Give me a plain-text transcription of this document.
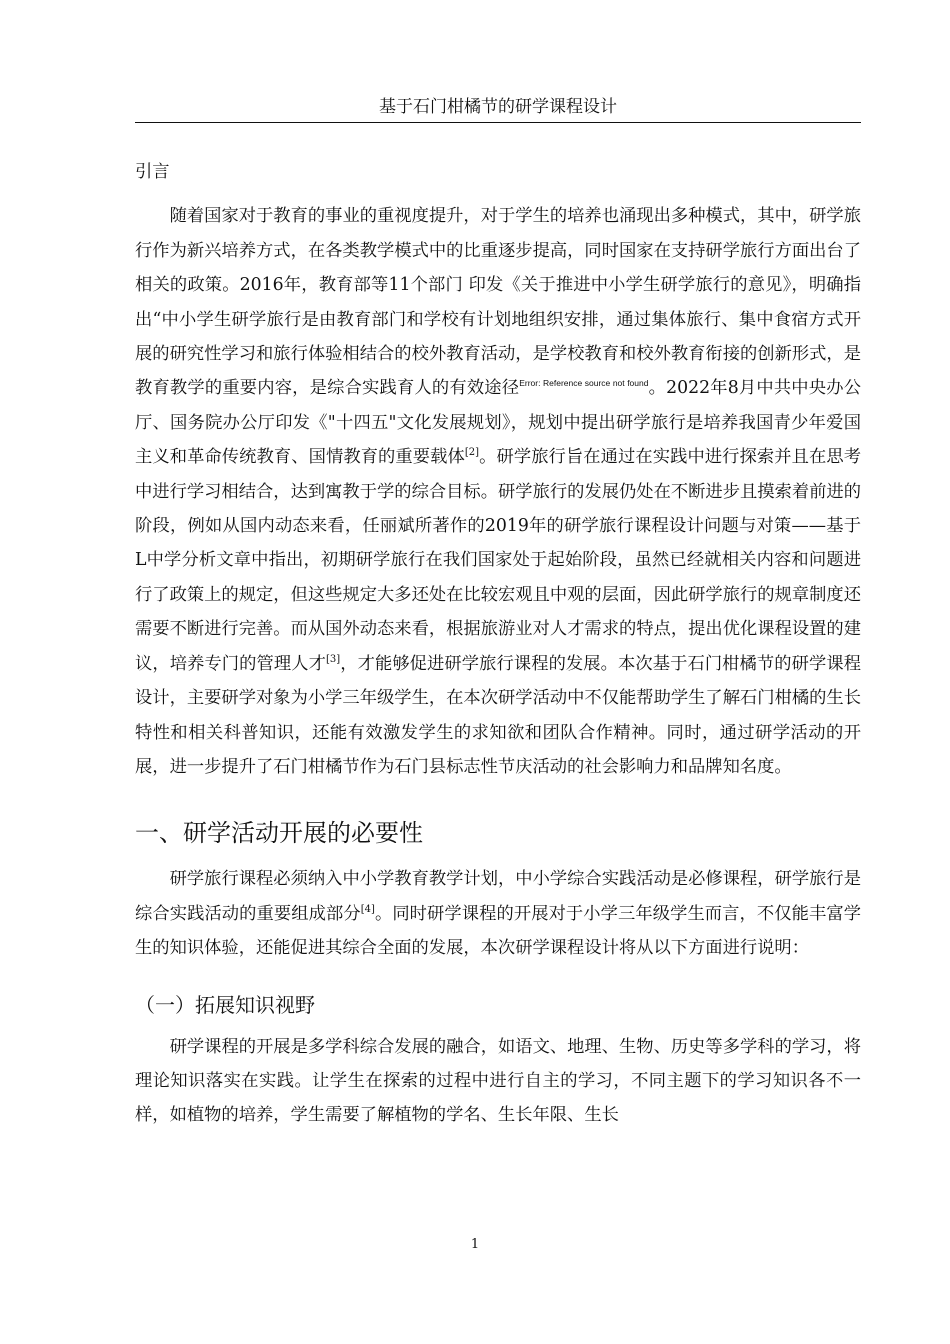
基于石门柑橘节的研学课程设计

引言

随着国家对于教育的事业的重视度提升，对于学生的培养也涌现出多种模式，其中，研学旅行作为新兴培养方式，在各类教学模式中的比重逐步提高，同时国家在支持研学旅行方面出台了相关的政策。2016年，教育部等11个部门 印发《关于推进中小学生研学旅行的意见》，明确指出“中小学生研学旅行是由教育部门和学校有计划地组织安排，通过集体旅行、集中食宿方式开展的研究性学习和旅行体验相结合的校外教育活动，是学校教育和校外教育衔接的创新形式，是教育教学的重要内容，是综合实践育人的有效途径$^{Error: Reference source not found}$。2022年8月中共中央办公厅、国务院办公厅印发《"十四五"文化发展规划》，规划中提出研学旅行是培养我国青少年爱国主义和革命传统教育、国情教育的重要载体[2]。研学旅行旨在通过在实践中进行探索并且在思考中进行学习相结合，达到寓教于学的综合目标。研学旅行的发展仍处在不断进步且摸索着前进的阶段，例如从国内动态来看，任丽斌所著作的2019年的研学旅行课程设计问题与对策——基于L中学分析文章中指出，初期研学旅行在我们国家处于起始阶段，虽然已经就相关内容和问题进行了政策上的规定，但这些规定大多还处在比较宏观且中观的层面，因此研学旅行的规章制度还需要不断进行完善。而从国外动态来看，根据旅游业对人才需求的特点，提出优化课程设置的建议，培养专门的管理人才[3]，才能够促进研学旅行课程的发展。本次基于石门柑橘节的研学课程设计，主要研学对象为小学三年级学生，在本次研学活动中不仅能帮助学生了解石门柑橘的生长特性和相关科普知识，还能有效激发学生的求知欲和团队合作精神。同时，通过研学活动的开展，进一步提升了石门柑橘节作为石门县标志性节庆活动的社会影响力和品牌知名度。

一、研学活动开展的必要性

研学旅行课程必须纳入中小学教育教学计划，中小学综合实践活动是必修课程，研学旅行是综合实践活动的重要组成部分[4]。同时研学课程的开展对于小学三年级学生而言，不仅能丰富学生的知识体验，还能促进其综合全面的发展，本次研学课程设计将从以下方面进行说明：

（一）拓展知识视野

研学课程的开展是多学科综合发展的融合，如语文、地理、生物、历史等多学科的学习，将理论知识落实在实践。让学生在探索的过程中进行自主的学习，不同主题下的学习知识各不一样，如植物的培养，学生需要了解植物的学名、生长年限、生长

1
